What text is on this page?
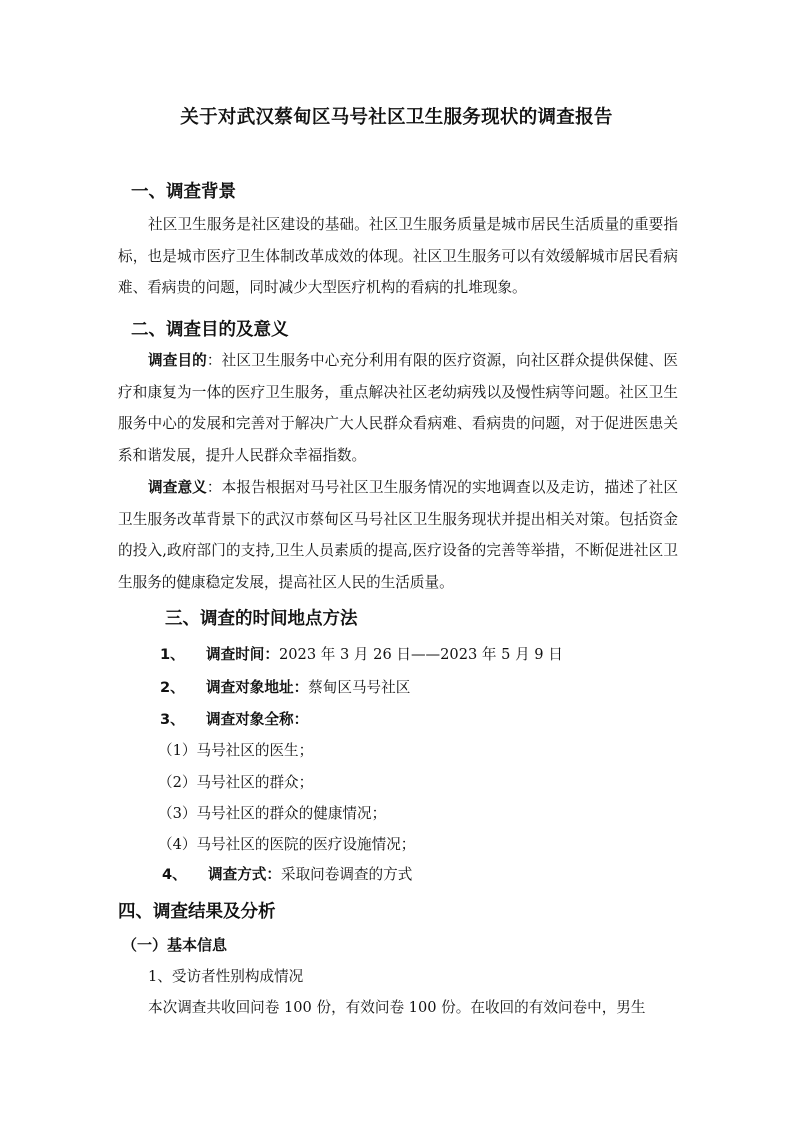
关于对武汉蔡甸区马号社区卫生服务现状的调查报告
一、调查背景

社区卫生服务是社区建设的基础。社区卫生服务质量是城市居民生活质量的重要指标，也是城市医疗卫生体制改革成效的体现。社区卫生服务可以有效缓解城市居民看病难、看病贵的问题，同时减少大型医疗机构的看病的扎堆现象。

二、调查目的及意义

调查目的：社区卫生服务中心充分利用有限的医疗资源，向社区群众提供保健、医疗和康复为一体的医疗卫生服务，重点解决社区老幼病残以及慢性病等问题。社区卫生服务中心的发展和完善对于解决广大人民群众看病难、看病贵的问题，对于促进医患关系和谐发展，提升人民群众幸福指数。

调查意义：本报告根据对马号社区卫生服务情况的实地调查以及走访，描述了社区卫生服务改革背景下的武汉市蔡甸区马号社区卫生服务现状并提出相关对策。包括资金的投入,政府部门的支持,卫生人员素质的提高,医疗设备的完善等举措，不断促进社区卫生服务的健康稳定发展，提高社区人民的生活质量。

三、调查的时间地点方法
1、 调查时间：2023 年 3 月 26 日——2023 年 5 月 9 日
2、 调查对象地址：蔡甸区马号社区
3、 调查对象全称：
（1）马号社区的医生；
（2）马号社区的群众；
（3）马号社区的群众的健康情况；
（4）马号社区的医院的医疗设施情况；
4、 调查方式：采取问卷调查的方式
四、调查结果及分析
（一）基本信息
1、受访者性别构成情况
本次调查共收回问卷 100 份，有效问卷 100 份。在收回的有效问卷中，男生
